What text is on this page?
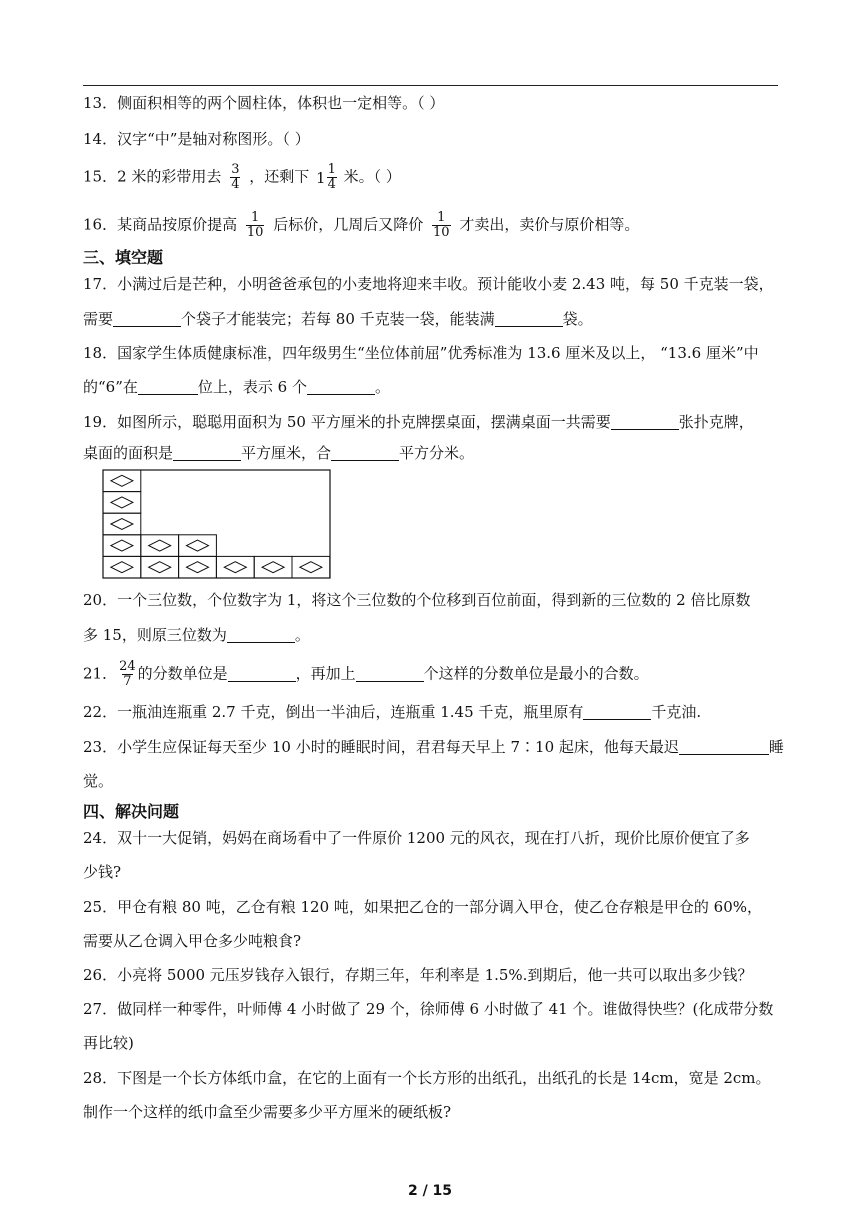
13．侧面积相等的两个圆柱体，体积也一定相等。（ ）
14．汉字“中”是轴对称图形。（ ）
15．2 米的彩带用去 $\frac{3}{4}$ ，还剩下 $1 \frac{1}{4}$ 米。（ ）
16．某商品按原价提高 $\frac{1}{10}$ 后标价，几周后又降价 $\frac{1}{10}$ 才卖出，卖价与原价相等。
三、填空题
17．小满过后是芒种，小明爸爸承包的小麦地将迎来丰收。预计能收小麦 2.43 吨，每 50 千克装一袋，
需要	个袋子才能装完；若每 80 千克装一袋，能装满	袋。
18．国家学生体质健康标准，四年级男生“坐位体前屈”优秀标准为 13.6 厘米及以上， “13.6 厘米”中
的“6”在	位上，表示 6 个	。
19．如图所示，聪聪用面积为 50 平方厘米的扑克牌摆桌面，摆满桌面一共需要	张扑克牌，
桌面的面积是	平方厘米，合	平方分米。
20．一个三位数，个位数字为 1，将这个三位数的个位移到百位前面，得到新的三位数的 2 倍比原数
多 15，则原三位数为	。
21． $\frac{24}{7}$ 的分数单位是	，再加上	个这样的分数单位是最小的合数。
22．一瓶油连瓶重 2.7 千克，倒出一半油后，连瓶重 1.45 千克，瓶里原有	千克油.
23．小学生应保证每天至少 10 小时的睡眠时间，君君每天早上 7∶10 起床，他每天最迟	睡
觉。
四、解决问题
24．双十一大促销，妈妈在商场看中了一件原价 1200 元的风衣，现在打八折，现价比原价便宜了多
少钱?
25．甲仓有粮 80 吨，乙仓有粮 120 吨，如果把乙仓的一部分调入甲仓，使乙仓存粮是甲仓的 60%，
需要从乙仓调入甲仓多少吨粮食?
26．小亮将 5000 元压岁钱存入银行，存期三年，年利率是 1.5%.到期后，他一共可以取出多少钱？
27．做同样一种零件，叶师傅 4 小时做了 29 个，徐师傅 6 小时做了 41 个。谁做得快些？(化成带分数
再比较)
28．下图是一个长方体纸巾盒，在它的上面有一个长方形的出纸孔，出纸孔的长是 14cm，宽是 2cm。
制作一个这样的纸巾盒至少需要多少平方厘米的硬纸板?
2 / 15
